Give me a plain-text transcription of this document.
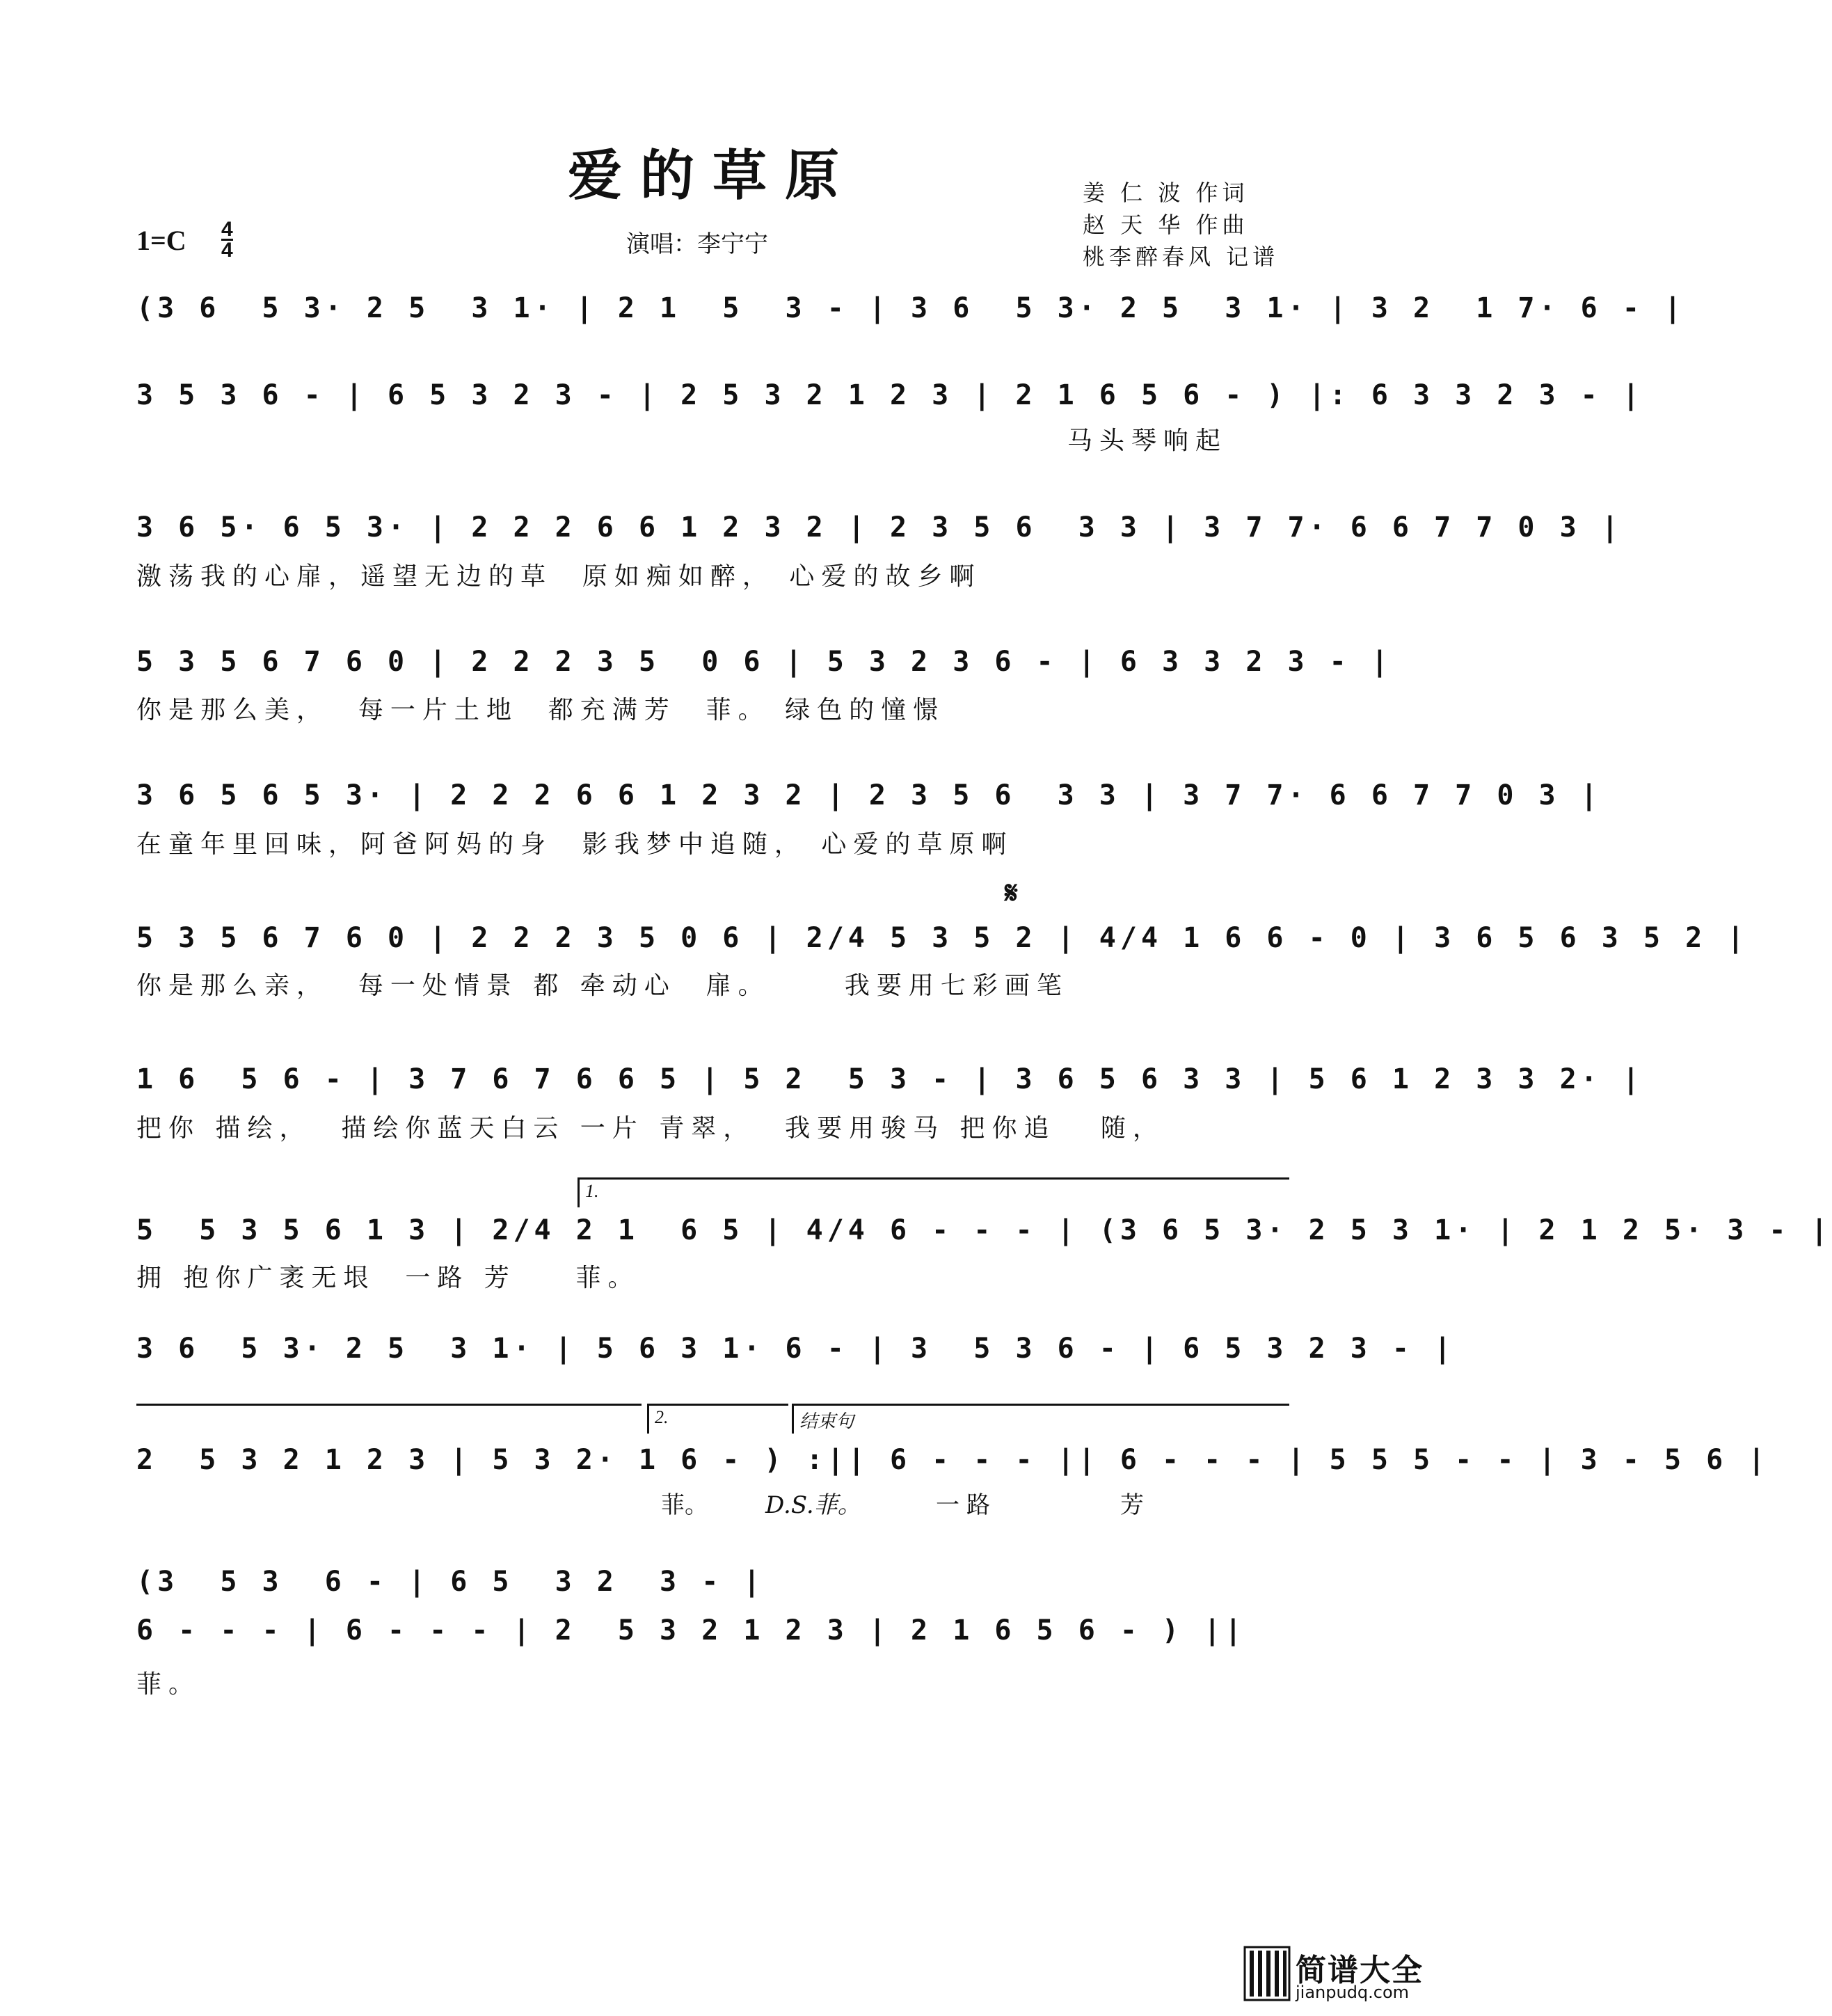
爱的草原	姜 仁 波 作词
赵 天 华 作曲
桃李醉春风 记谱
$1=C \frac{4}{4}$	演唱：李宁宁
(3 6  5 3· 2 5  3 1· | 2 1  5  3 - | 3 6  5 3· 2 5  3 1· | 3 2  1 7· 6 - |
3 5 3 6 - | 6 5 3 2 3 - | 2 5 3 2 1 2 3 | 2 1 6 5 6 - ) |: 6 3 3 2 3 - |
马头琴响起
3 6 5· 6 5 3· | 2 2 2 6 6 1 2 3 2 | 2 3 5 6  3 3 | 3 7 7· 6 6 7 7 0 3 |
激荡我的心扉，遥望无边的草  原如痴如醉， 心爱的故乡啊
5 3 5 6 7 6 0 | 2 2 2 3 5  0 6 | 5 3 2 3 6 - | 6 3 3 2 3 - |
你是那么美，  每一片土地  都充满芳  菲。 绿色的憧憬
3 6 5 6 5 3· | 2 2 2 6 6 1 2 3 2 | 2 3 5 6  3 3 | 3 7 7· 6 6 7 7 0 3 |
在童年里回味，阿爸阿妈的身  影我梦中追随， 心爱的草原啊
𝄋
5 3 5 6 7 6 0 | 2 2 2 3 5 0 6 | 2/4 5 3 5 2 | 4/4 1 6 6 - 0 | 3 6 5 6 3 5 2 |
你是那么亲，  每一处情景 都 牵动心  扉。     我要用七彩画笔
1 6  5 6 - | 3 7 6 7 6 6 5 | 5 2  5 3 - | 3 6 5 6 3 3 | 5 6 1 2 3 3 2· |
把你 描绘，  描绘你蓝天白云 一片 青翠，  我要用骏马 把你追   随，
1.
5  5 3 5 6 1 3 | 2/4 2 1  6 5 | 4/4 6 - - - | (3 6 5 3· 2 5 3 1· | 2 1 2 5· 3 - |
拥 抱你广袤无垠  一路 芳    菲。
3 6  5 3· 2 5  3 1· | 5 6 3 1· 6 - | 3  5 3 6 - | 6 5 3 2 3 - |
2.	结束句
2  5 3 2 1 2 3 | 5 3 2· 1 6 - ) :|| 6 - - - || 6 - - - | 5 5 5 - - | 3 - 5 6 |
菲。 D.S.菲。	一路	芳
(3  5 3  6 - | 6 5  3 2  3 - |
6 - - - | 6 - - - | 2  5 3 2 1 2 3 | 2 1 6 5 6 - ) ||
菲。
简谱大全
jianpudq.com
